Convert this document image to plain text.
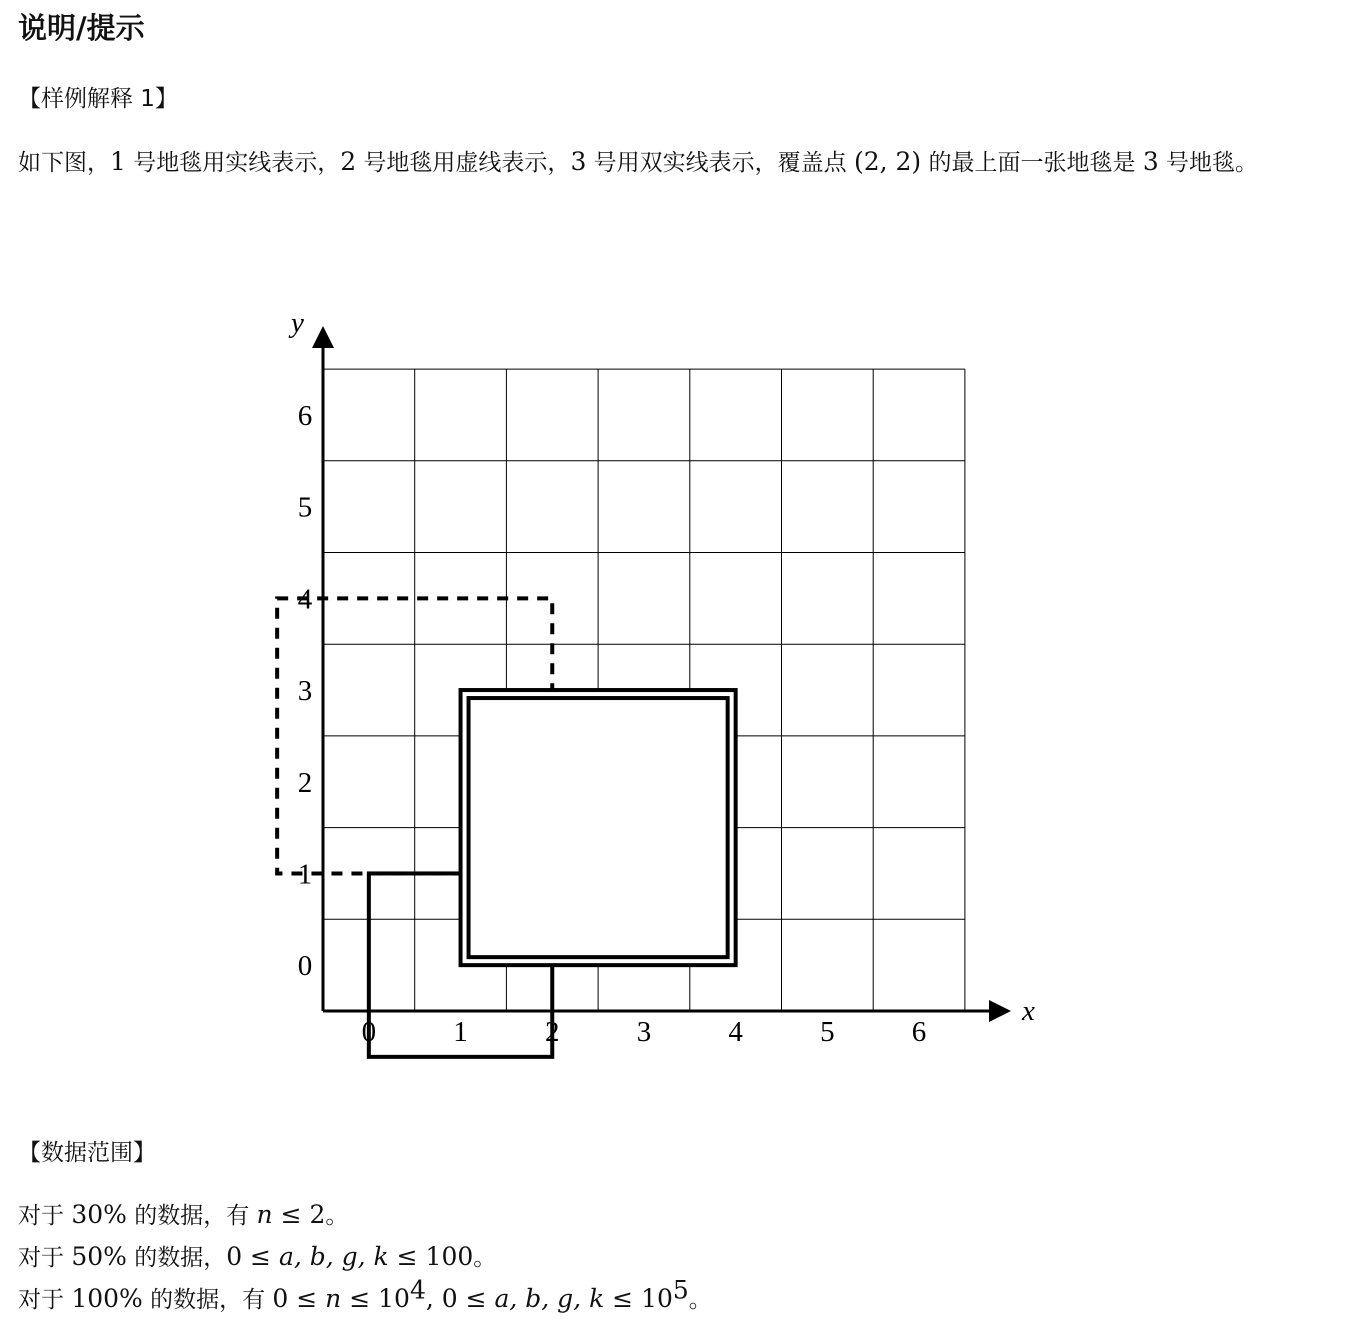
说明/提示
【样例解释 1】
如下图，1 号地毯用实线表示，2 号地毯用虚线表示，3 号用双实线表示，覆盖点 (2, 2) 的最上面一张地毯是 3 号地毯。
0	1	2	3	4	5	6
0
1
2
3
4
5
6
x
y
【数据范围】
对于 30% 的数据，有 n ≤ 2。
对于 50% 的数据，0 ≤ a, b, g, k ≤ 100。
对于 100% 的数据，有 $0 \le n \le 10^4$, 0 ≤ a, b, g, $k \le 10^5$。
